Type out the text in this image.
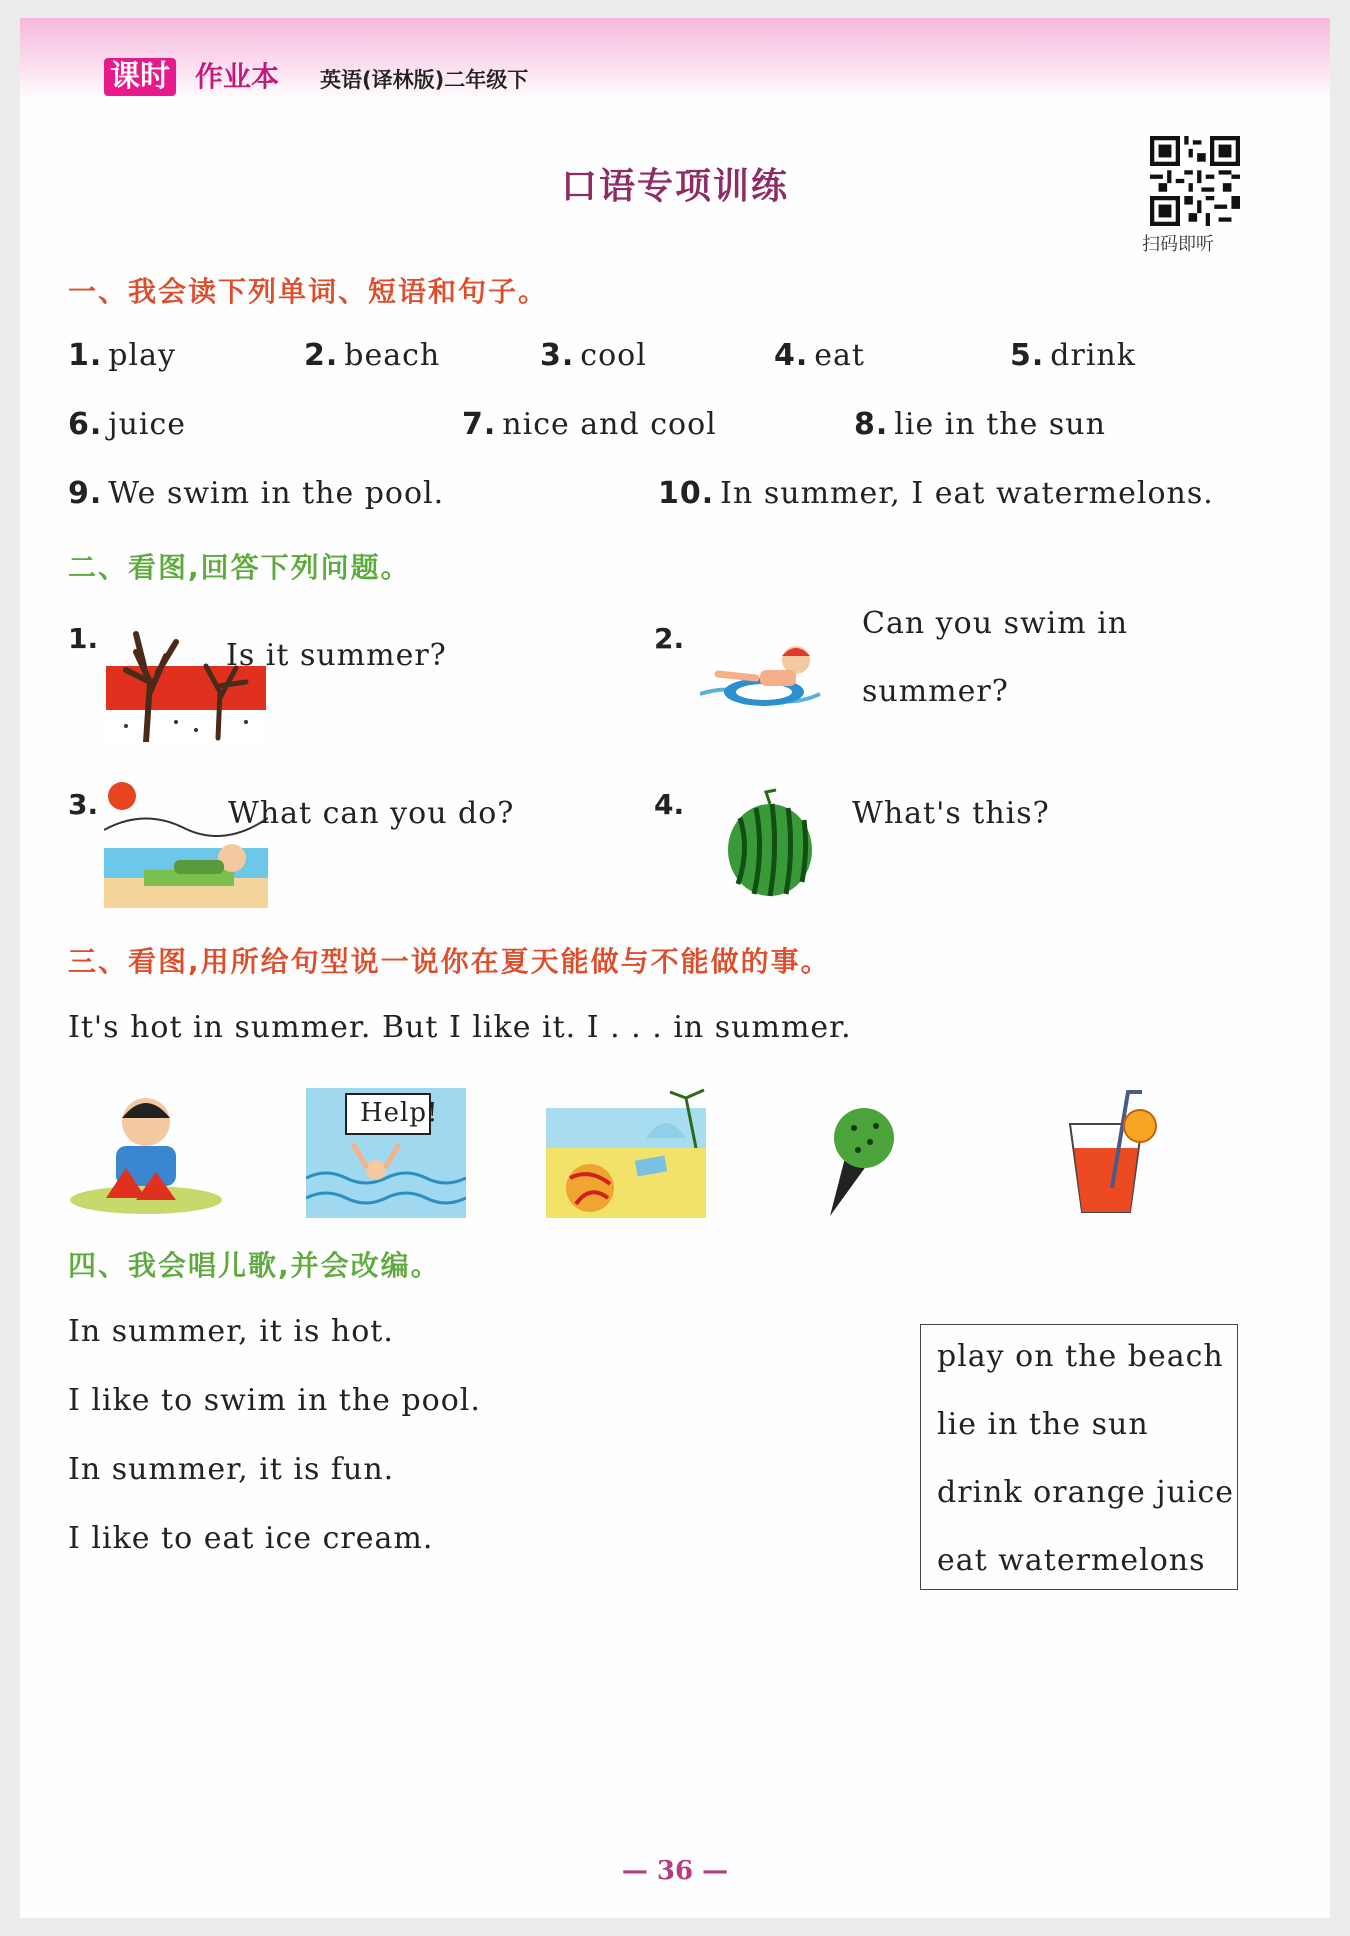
课时 作业本 英语(译林版)二年级下
口语专项训练
扫码即听
一、我会读下列单词、短语和句子。
1. play	2. beach	3. cool	4. eat	5. drink
6. juice	7. nice and cool	8. lie in the sun
9. We swim in the pool.	10. In summer, I eat watermelons.
二、看图,回答下列问题。
1.	Is it summer?	2.	Can you swim in
summer?
3.	What can you do?	4.	What's this?
三、看图,用所给句型说一说你在夏天能做与不能做的事。
It's hot in summer. But I like it. I . . . in summer.
Help!
四、我会唱儿歌,并会改编。
In summer, it is hot.
I like to swim in the pool.
In summer, it is fun.
I like to eat ice cream.
play on the beach
lie in the sun
drink orange juice
eat watermelons
— 36 —
